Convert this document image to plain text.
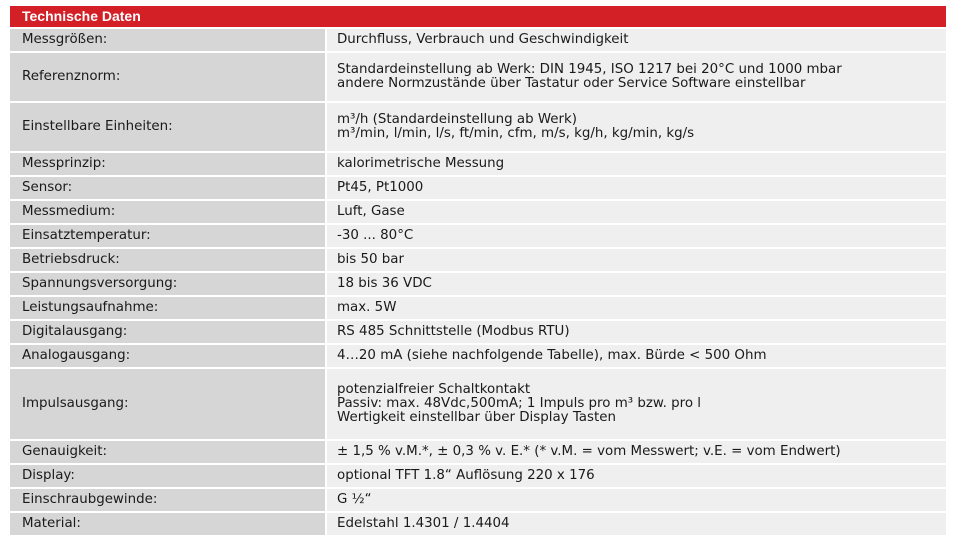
Technische Daten
Messgrößen:	Durchfluss, Verbrauch und Geschwindigkeit
Referenznorm:	Standardeinstellung ab Werk: DIN 1945, ISO 1217 bei 20°C und 1000 mbar
andere Normzustände über Tastatur oder Service Software einstellbar
Einstellbare Einheiten:	m³/h (Standardeinstellung ab Werk)
m³/min, l/min, l/s, ft/min, cfm, m/s, kg/h, kg/min, kg/s
Messprinzip:	kalorimetrische Messung
Sensor:	Pt45, Pt1000
Messmedium:	Luft, Gase
Einsatztemperatur:	-30 ... 80°C
Betriebsdruck:	bis 50 bar
Spannungsversorgung:	18 bis 36 VDC
Leistungsaufnahme:	max. 5W
Digitalausgang:	RS 485 Schnittstelle (Modbus RTU)
Analogausgang:	4…20 mA (siehe nachfolgende Tabelle), max. Bürde < 500 Ohm
Impulsausgang:
potenzialfreier Schaltkontakt
Passiv: max. 48Vdc,500mA; 1 Impuls pro m³ bzw. pro l
Wertigkeit einstellbar über Display Tasten
Genauigkeit:	± 1,5 % v.M.*, ± 0,3 % v. E.* (* v.M. = vom Messwert; v.E. = vom Endwert)
Display:	optional TFT 1.8“ Auflösung 220 x 176
Einschraubgewinde:	G ½“
Material:	Edelstahl 1.4301 / 1.4404
